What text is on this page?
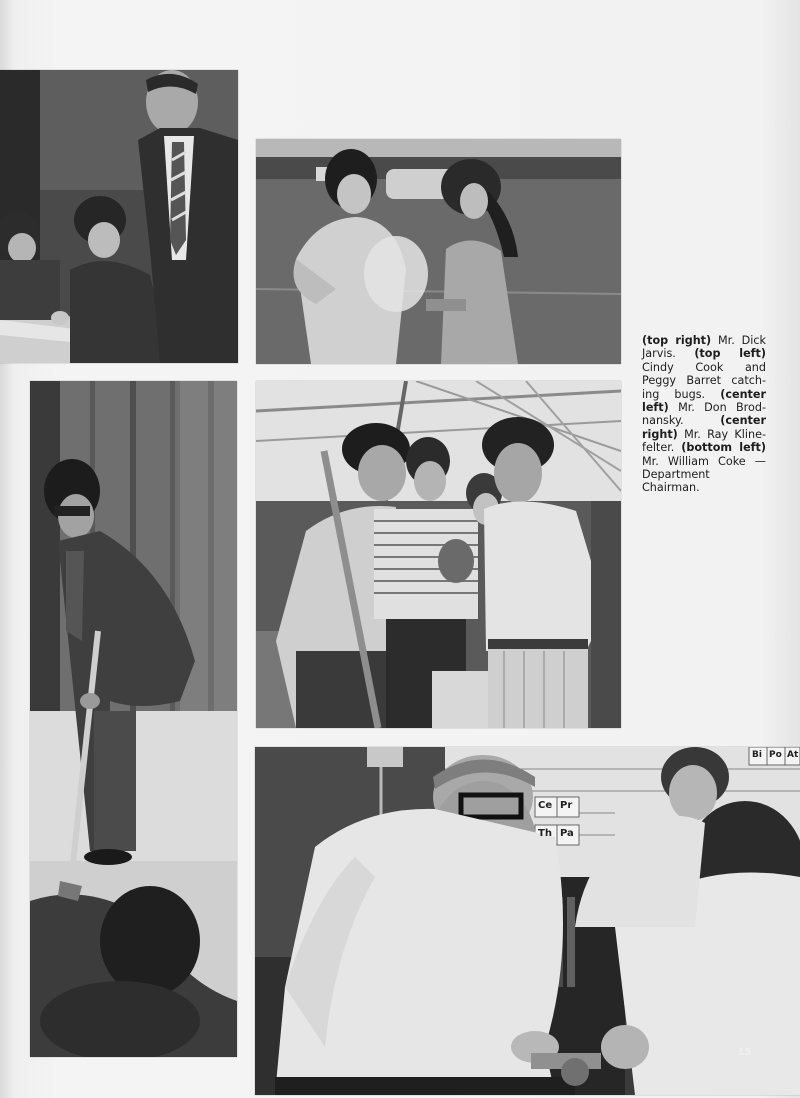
Bi Po At
Ce Pr
Th Pa
(top right) Mr. Dick Jarvis. (top left) Cindy Cook and Peggy Barret catch-ing bugs. (center left) Mr. Don Brod-nansky.	(center right) Mr. Ray Kline-felter. (bottom left) Mr. William Coke — Department Chairman.
15
